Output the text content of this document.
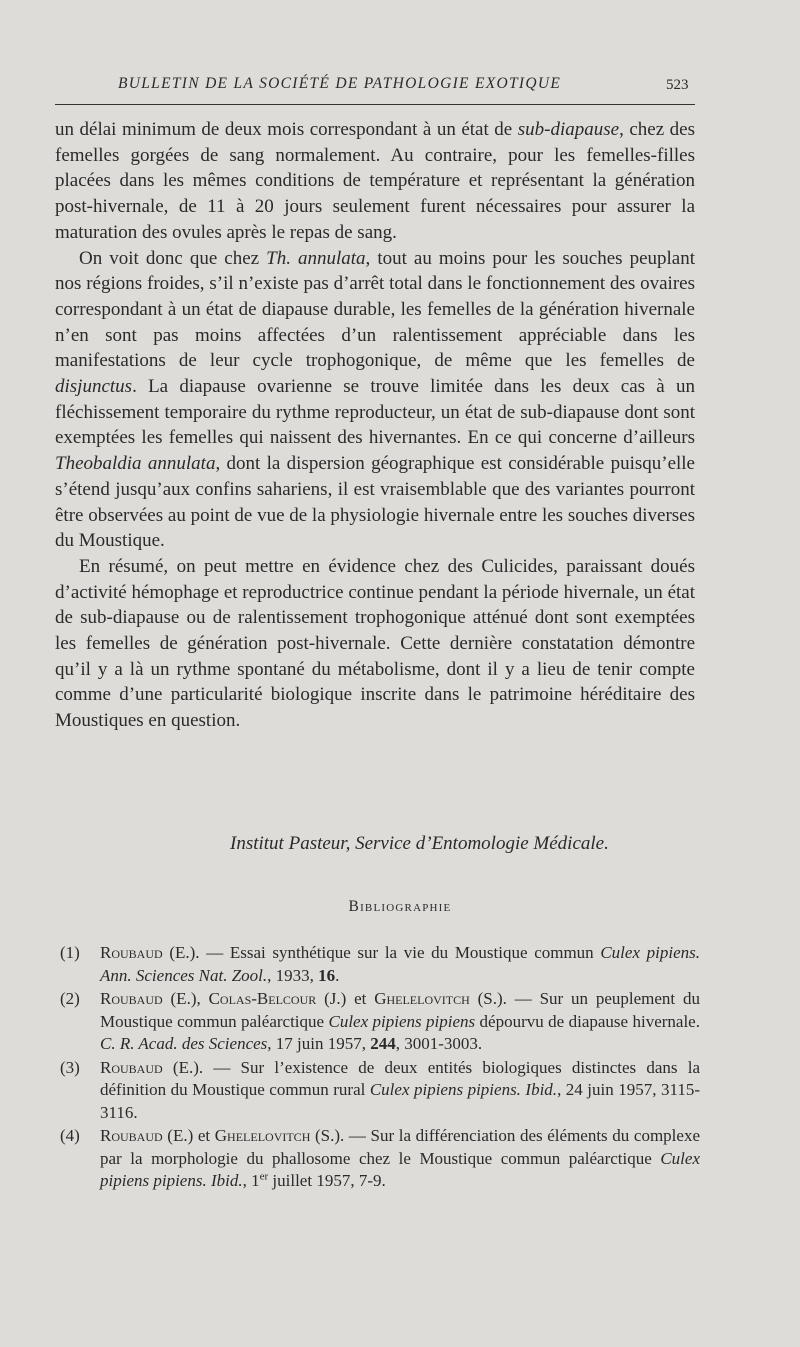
BULLETIN DE LA SOCIÉTÉ DE PATHOLOGIE EXOTIQUE	523

un délai minimum de deux mois correspondant à un état de sub-diapause, chez des femelles gorgées de sang normalement. Au contraire, pour les femelles-filles placées dans les mêmes conditions de température et représentant la génération post-hivernale, de 11 à 20 jours seulement furent nécessaires pour assurer la maturation des ovules après le repas de sang.

On voit donc que chez Th. annulata, tout au moins pour les souches peuplant nos régions froides, s’il n’existe pas d’arrêt total dans le fonctionnement des ovaires correspondant à un état de diapause durable, les femelles de la génération hivernale n’en sont pas moins affectées d’un ralentissement appréciable dans les manifestations de leur cycle trophogonique, de même que les femelles de disjunctus. La diapause ovarienne se trouve limitée dans les deux cas à un fléchissement temporaire du rythme reproducteur, un état de sub-diapause dont sont exemptées les femelles qui naissent des hivernantes. En ce qui concerne d’ailleurs Theobaldia annulata, dont la dispersion géographique est considérable puisqu’elle s’étend jusqu’aux confins sahariens, il est vraisemblable que des variantes pourront être observées au point de vue de la physiologie hivernale entre les souches diverses du Moustique.

En résumé, on peut mettre en évidence chez des Culicides, paraissant doués d’activité hémophage et reproductrice continue pendant la période hivernale, un état de sub-diapause ou de ralentissement trophogonique atténué dont sont exemptées les femelles de génération post-hivernale. Cette dernière constatation démontre qu’il y a là un rythme spontané du métabolisme, dont il y a lieu de tenir compte comme d’une particularité biologique inscrite dans le patrimoine héréditaire des Moustiques en question.

Institut Pasteur, Service d’Entomologie Médicale.
Bibliographie
(1) Roubaud (E.). — Essai synthétique sur la vie du Moustique commun Culex pipiens. Ann. Sciences Nat. Zool., 1933, 16.
(2) Roubaud (E.), Colas-Belcour (J.) et Ghelelovitch (S.). — Sur un peuplement du Moustique commun paléarctique Culex pipiens pipiens dépourvu de diapause hivernale. C. R. Acad. des Sciences, 17 juin 1957, 244, 3001-3003.
(3) Roubaud (E.). — Sur l’existence de deux entités biologiques distinctes dans la définition du Moustique commun rural Culex pipiens pipiens. Ibid., 24 juin 1957, 3115-3116.
(4) Roubaud (E.) et Ghelelovitch (S.). — Sur la différenciation des éléments du complexe par la morphologie du phallosome chez le Moustique commun paléarctique Culex pipiens pipiens. Ibid., 1er juillet 1957, 7-9.
